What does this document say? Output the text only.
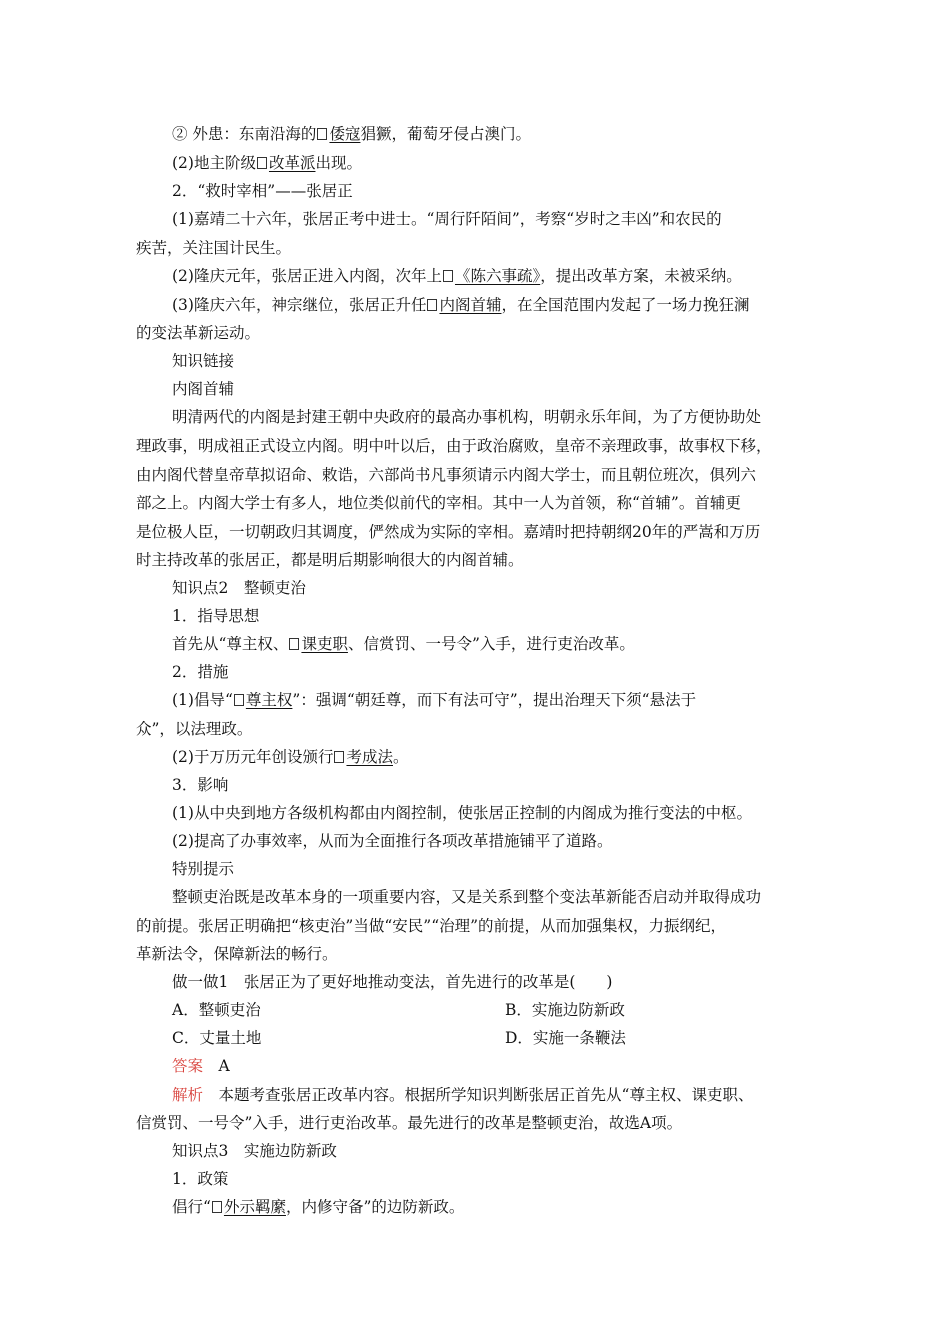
② 外患：东南沿海的 倭寇猖獗，葡萄牙侵占澳门。
(2)地主阶级 改革派出现。
2．“救时宰相”——张居正
(1)嘉靖二十六年，张居正考中进士。“周行阡陌间”，考察“岁时之丰凶”和农民的
疾苦，关注国计民生。
(2)隆庆元年，张居正进入内阁，次年上 《陈六事疏》，提出改革方案，未被采纳。
(3)隆庆六年，神宗继位，张居正升任 内阁首辅，在全国范围内发起了一场力挽狂澜
的变法革新运动。
知识链接
内阁首辅
明清两代的内阁是封建王朝中央政府的最高办事机构，明朝永乐年间，为了方便协助处
理政事，明成祖正式设立内阁。明中叶以后，由于政治腐败，皇帝不亲理政事，故事权下移，
由内阁代替皇帝草拟诏命、敕诰，六部尚书凡事须请示内阁大学士，而且朝位班次，俱列六
部之上。内阁大学士有多人，地位类似前代的宰相。其中一人为首领，称“首辅”。首辅更
是位极人臣，一切朝政归其调度，俨然成为实际的宰相。嘉靖时把持朝纲20年的严嵩和万历
时主持改革的张居正，都是明后期影响很大的内阁首辅。
知识点2　整顿吏治
1．指导思想
首先从“尊主权、 课吏职、信赏罚、一号令”入手，进行吏治改革。
2．措施
(1)倡导“ 尊主权”：强调“朝廷尊，而下有法可守”，提出治理天下须“悬法于
众”，以法理政。
(2)于万历元年创设颁行 考成法。
3．影响
(1)从中央到地方各级机构都由内阁控制，使张居正控制的内阁成为推行变法的中枢。
(2)提高了办事效率，从而为全面推行各项改革措施铺平了道路。
特别提示
整顿吏治既是改革本身的一项重要内容，又是关系到整个变法革新能否启动并取得成功
的前提。张居正明确把“核吏治”当做“安民”“治理”的前提，从而加强集权，力振纲纪，
革新法令，保障新法的畅行。
做一做1　张居正为了更好地推动变法，首先进行的改革是(　　)
A．整顿吏治	B．实施边防新政
C．丈量土地	D．实施一条鞭法
答案　A
解析　本题考查张居正改革内容。根据所学知识判断张居正首先从“尊主权、课吏职、
信赏罚、一号令”入手，进行吏治改革。最先进行的改革是整顿吏治，故选A项。
知识点3　实施边防新政
1．政策
倡行“ 外示羁縻，内修守备”的边防新政。
